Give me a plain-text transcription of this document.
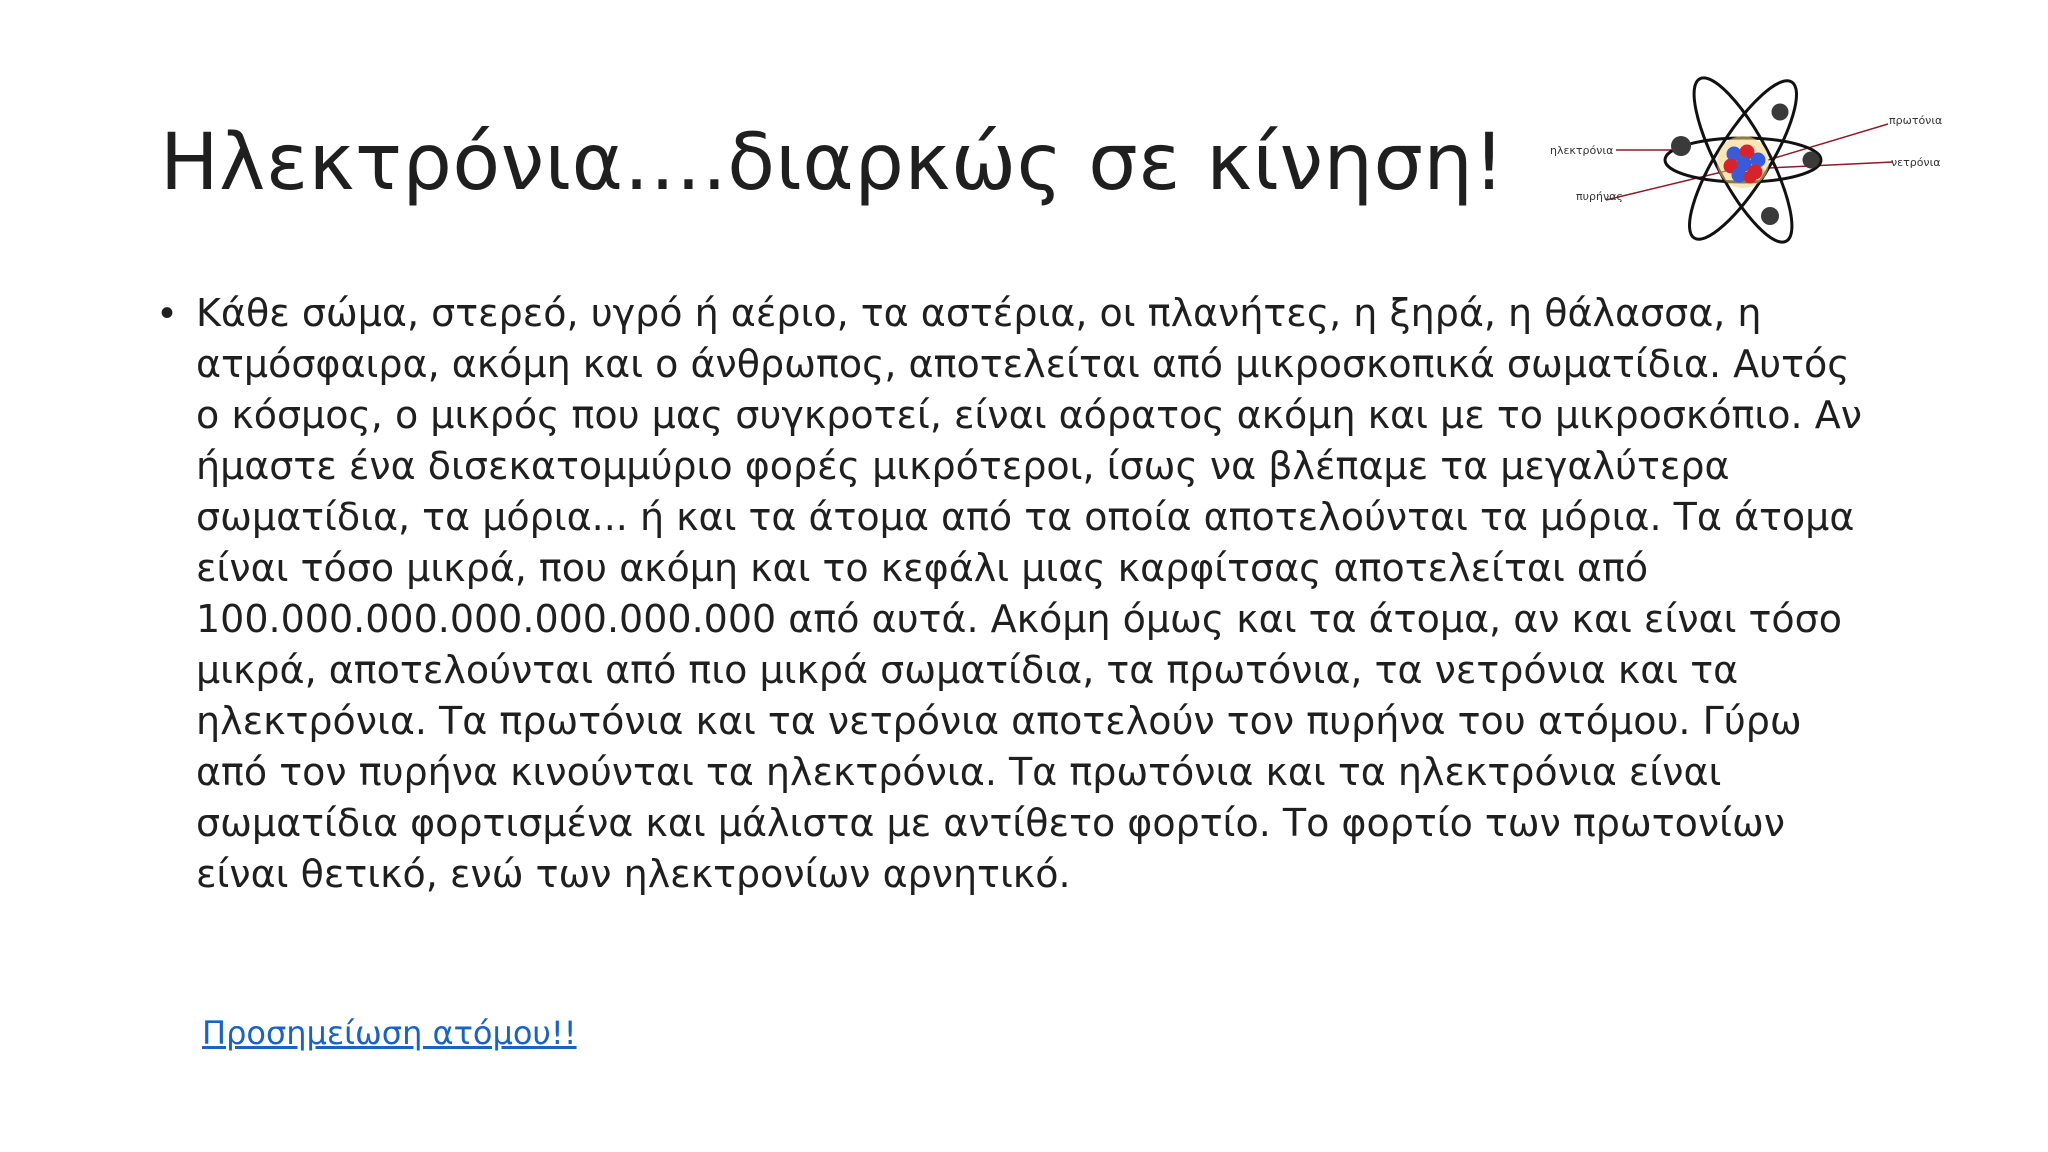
Ηλεκτρόνια….διαρκώς σε κίνηση!	ηλεκτρόνια
πυρήνας
πρωτόνια
νετρόνια
• Κάθε σώμα, στερεό, υγρό ή αέριο, τα αστέρια, οι πλανήτες, η ξηρά, η θάλασσα, η ατμόσφαιρα, ακόμη και ο άνθρωπος, αποτελείται από μικροσκοπικά σωματίδια. Αυτός ο κόσμος, ο μικρός που μας συγκροτεί, είναι αόρατος ακόμη και με το μικροσκόπιο. Αν ήμαστε ένα δισεκατομμύριο φορές μικρότεροι, ίσως να βλέπαμε τα μεγαλύτερα σωματίδια, τα μόρια... ή και τα άτομα από τα οποία αποτελούνται τα μόρια. Τα άτομα είναι τόσο μικρά, που ακόμη και το κεφάλι μιας καρφίτσας αποτελείται από 100.000.000.000.000.000.000 από αυτά. Ακόμη όμως και τα άτομα, αν και είναι τόσο μικρά, αποτελούνται από πιο μικρά σωματίδια, τα πρωτόνια, τα νετρόνια και τα ηλεκτρόνια. Τα πρωτόνια και τα νετρόνια αποτελούν τον πυρήνα του ατόμου. Γύρω από τον πυρήνα κινούνται τα ηλεκτρόνια. Τα πρωτόνια και τα ηλεκτρόνια είναι σωματίδια φορτισμένα και μάλιστα με αντίθετο φορτίο. Το φορτίο των πρωτονίων είναι θετικό, ενώ των ηλεκτρονίων αρνητικό.

Προσημείωση ατόμου!!
